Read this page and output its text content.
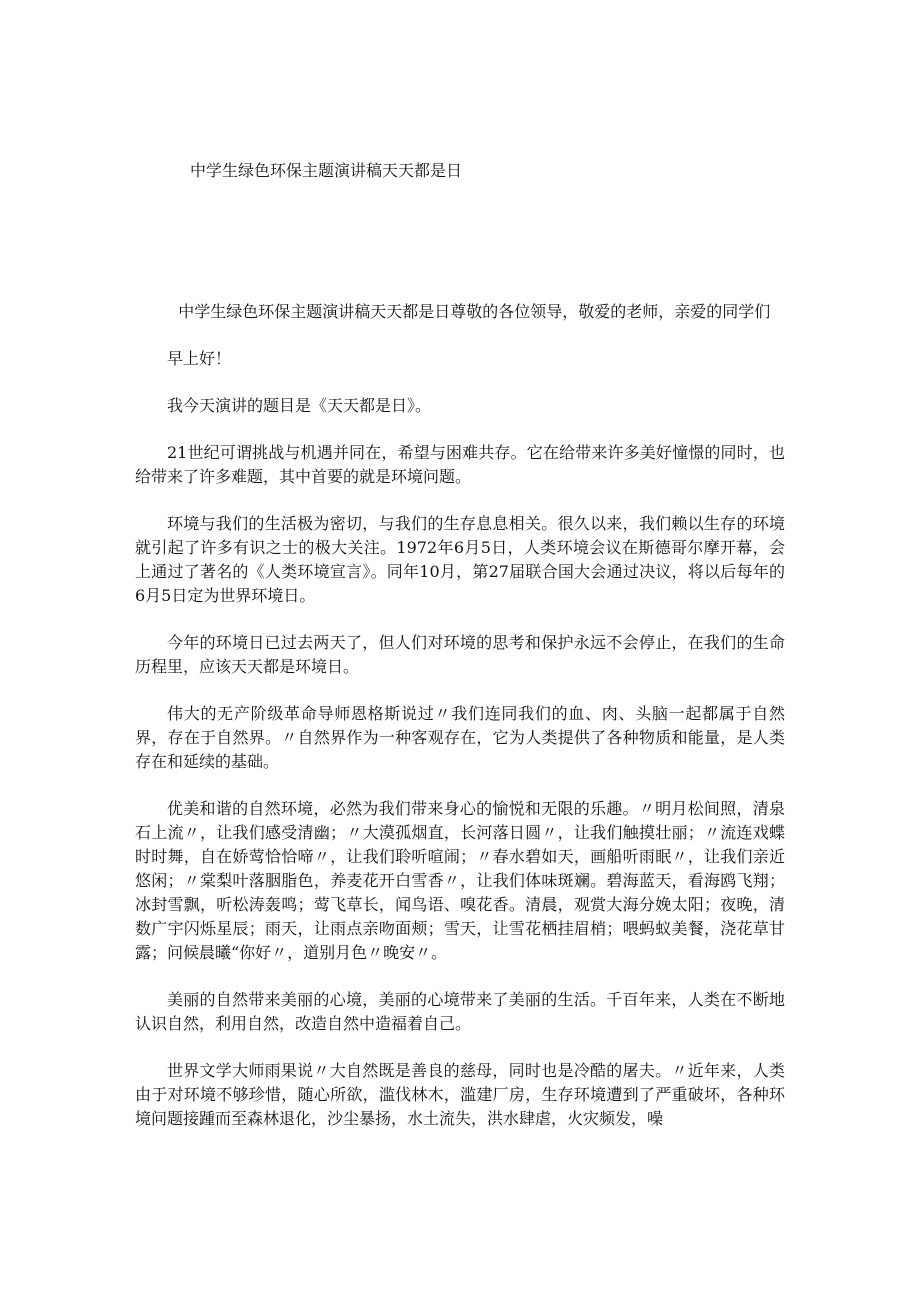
中学生绿色环保主题演讲稿天天都是日

中学生绿色环保主题演讲稿天天都是日尊敬的各位领导，敬爱的老师，亲爱的同学们

早上好！

我今天演讲的题目是《天天都是日》。

21世纪可谓挑战与机遇并同在，希望与困难共存。它在给带来许多美好憧憬的同时，也给带来了许多难题，其中首要的就是环境问题。

环境与我们的生活极为密切，与我们的生存息息相关。很久以来，我们赖以生存的环境就引起了许多有识之士的极大关注。1972年6月5日，人类环境会议在斯德哥尔摩开幕，会上通过了著名的《人类环境宣言》。同年10月，第27届联合国大会通过决议，将以后每年的6月5日定为世界环境日。

今年的环境日已过去两天了，但人们对环境的思考和保护永远不会停止，在我们的生命历程里，应该天天都是环境日。

伟大的无产阶级革命导师恩格斯说过〃我们连同我们的血、肉、头脑一起都属于自然界，存在于自然界。〃自然界作为一种客观存在，它为人类提供了各种物质和能量，是人类存在和延续的基础。

优美和谐的自然环境，必然为我们带来身心的愉悦和无限的乐趣。〃明月松间照，清泉石上流〃，让我们感受清幽；〃大漠孤烟直，长河落日圆〃，让我们触摸壮丽；〃流连戏蝶时时舞，自在娇莺恰恰啼〃，让我们聆听喧闹；〃春水碧如天，画船听雨眠〃，让我们亲近悠闲；〃棠梨叶落胭脂色，养麦花开白雪香〃，让我们体味斑斓。碧海蓝天，看海鸥飞翔；冰封雪飘，听松涛轰鸣；莺飞草长，闻鸟语、嗅花香。清晨，观赏大海分娩太阳；夜晚，清数广宇闪烁星辰；雨天，让雨点亲吻面颊；雪天，让雪花栖挂眉梢；喂蚂蚁美餐，浇花草甘露；问候晨曦“你好〃，道别月色〃晚安〃。

美丽的自然带来美丽的心境，美丽的心境带来了美丽的生活。千百年来，人类在不断地认识自然，利用自然，改造自然中造福着自己。

世界文学大师雨果说〃大自然既是善良的慈母，同时也是冷酷的屠夫。〃近年来，人类由于对环境不够珍惜，随心所欲，滥伐林木，滥建厂房，生存环境遭到了严重破坏，各种环境问题接踵而至森林退化，沙尘暴扬，水土流失，洪水肆虐，火灾频发，噪
